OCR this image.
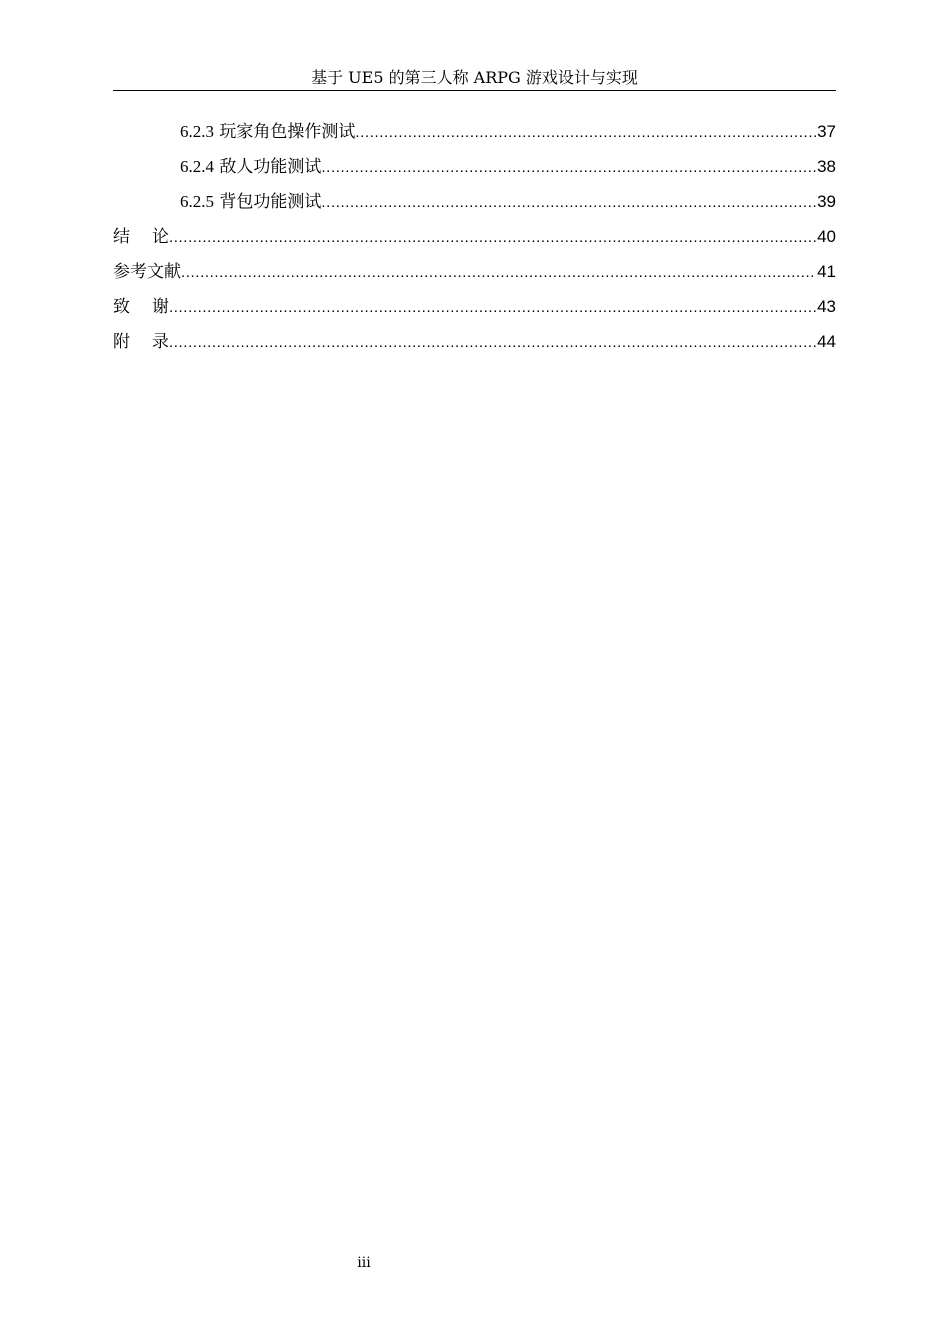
基于 UE5 的第三人称 ARPG 游戏设计与实现
6.2.3 玩家角色操作测试 .....	37
6.2.4 敌人功能测试 .....	38
6.2.5 背包功能测试 .....	39
结论 .....	40
参考文献 .....	41
致谢 .....	43
附录 .....	44
iii
